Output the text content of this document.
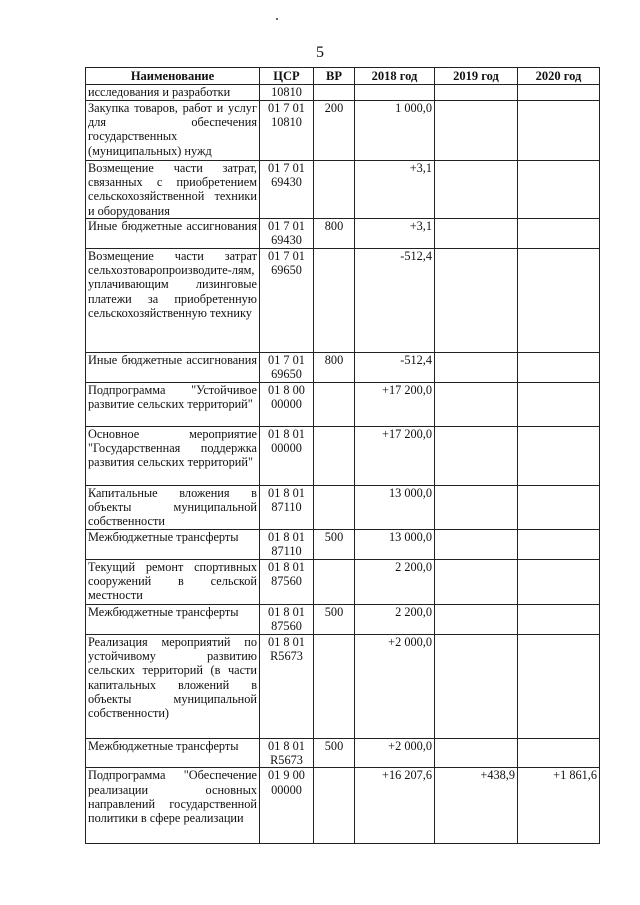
5
Наименование	ЦСР	ВР	2018 год	2019 год	2020 год
исследования и разработки	10810				
Закупка товаров, работ и услуг для обеспечения государственных (муниципальных) нужд	01 7 01 10810	200	1 000,0		
Возмещение части затрат, связанных с приобретением сельскохозяйственной техники и оборудования	01 7 01 69430		+3,1		
Иные бюджетные ассигнования	01 7 01 69430	800	+3,1		
Возмещение части затрат сельхозтоваропроизводите-лям, уплачивающим лизинговые платежи за приобретенную сельскохозяйственную технику	01 7 01 69650		-512,4		
Иные бюджетные ассигнования	01 7 01 69650	800	-512,4		
Подпрограмма "Устойчивое развитие сельских территорий"	01 8 00 00000		+17 200,0		
Основное мероприятие "Государственная поддержка развития сельских территорий"	01 8 01 00000		+17 200,0		
Капитальные вложения в объекты муниципальной собственности	01 8 01 87110		13 000,0		
Межбюджетные трансферты	01 8 01 87110	500	13 000,0		
Текущий ремонт спортивных сооружений в сельской местности	01 8 01 87560		2 200,0		
Межбюджетные трансферты	01 8 01 87560	500	2 200,0		
Реализация мероприятий по устойчивому развитию сельских территорий (в части капитальных вложений в объекты муниципальной собственности)	01 8 01 R5673		+2 000,0		
Межбюджетные трансферты	01 8 01 R5673	500	+2 000,0		
Подпрограмма "Обеспечение реализации основных направлений государственной политики в сфере реализации	01 9 00 00000		+16 207,6	+438,9	+1 861,6
